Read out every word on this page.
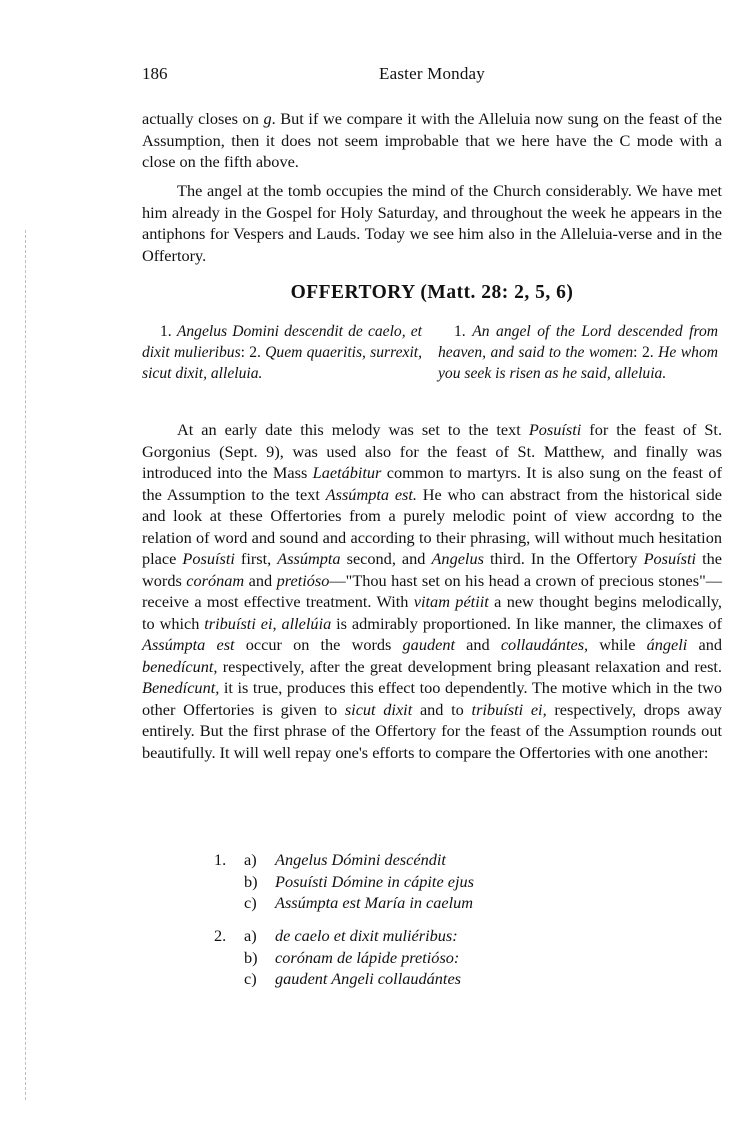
186	Easter Monday

actually closes on g. But if we compare it with the Alleluia now sung on the feast of the Assumption, then it does not seem improbable that we here have the C mode with a close on the fifth above.

The angel at the tomb occupies the mind of the Church considerably. We have met him already in the Gospel for Holy Saturday, and throughout the week he appears in the antiphons for Vespers and Lauds. Today we see him also in the Alleluia-verse and in the Offertory.

OFFERTORY (Matt. 28: 2, 5, 6)

1. Angelus Domini descendit de caelo, et dixit mulieribus: 2. Quem quaeritis, surrexit, sicut dixit, alleluia.

1. An angel of the Lord descended from heaven, and said to the women: 2. He whom you seek is risen as he said, alleluia.

At an early date this melody was set to the text Posuísti for the feast of St. Gorgonius (Sept. 9), was used also for the feast of St. Matthew, and finally was introduced into the Mass Laetábitur common to martyrs. It is also sung on the feast of the Assumption to the text Assúmpta est. He who can abstract from the historical side and look at these Offertories from a purely melodic point of view accordng to the relation of word and sound and according to their phrasing, will without much hesitation place Posuísti first, Assúmpta second, and Angelus third. In the Offertory Posuísti the words corónam and pretióso—"Thou hast set on his head a crown of precious stones"—receive a most effective treatment. With vitam pétiit a new thought begins melodically, to which tribuísti ei, allelúia is admirably proportioned. In like manner, the climaxes of Assúmpta est occur on the words gaudent and collaudántes, while ángeli and benedícunt, respectively, after the great development bring pleasant relaxation and rest. Benedícunt, it is true, produces this effect too dependently. The motive which in the two other Offertories is given to sicut dixit and to tribuísti ei, respectively, drops away entirely. But the first phrase of the Offertory for the feast of the Assumption rounds out beautifully. It will well repay one's efforts to compare the Offertories with one another:

1. a) Angelus Dómini descéndit
b) Posuísti Dómine in cápite ejus
c) Assúmpta est María in caelum
2. a) de caelo et dixit muliéribus:
b) corónam de lápide pretióso:
c) gaudent Angeli collaudántes
